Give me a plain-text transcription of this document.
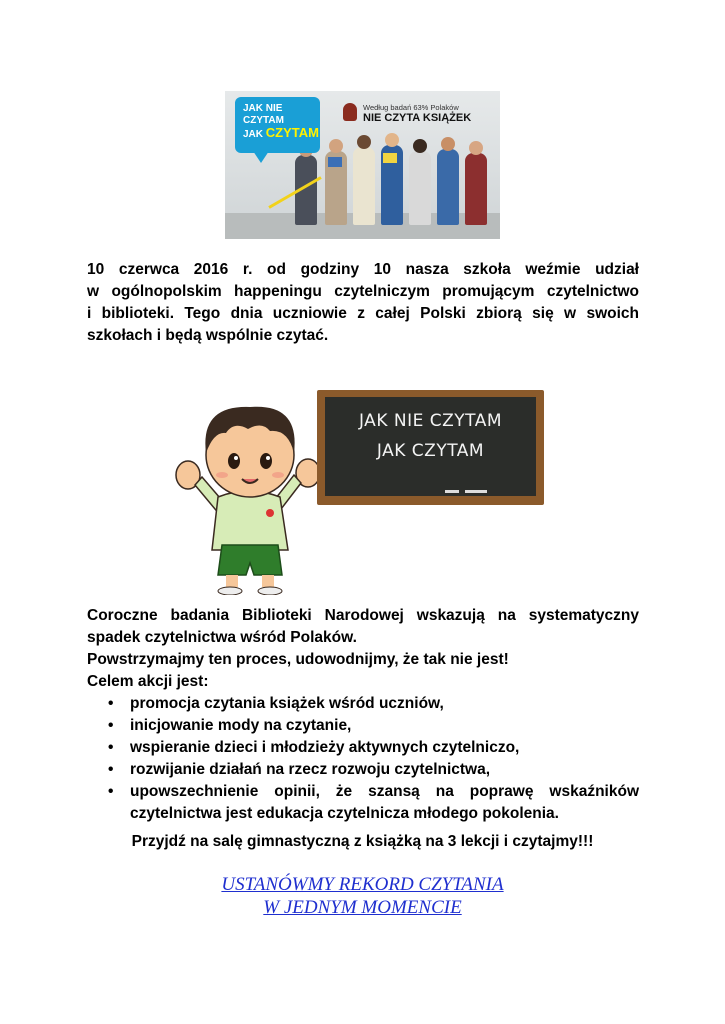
JAK NIE CZYTAM
JAK CZYTAM
Według badań 63% Polaków
NIE CZYTA KSIĄŻEK
10 czerwca 2016 r. od godziny 10 nasza szkoła weźmie udział
w ogólnopolskim happeningu czytelniczym promującym czytelnictwo
i biblioteki. Tego dnia uczniowie z całej Polski zbiorą się w swoich
szkołach i będą wspólnie czytać.
JAK NIE CZYTAM
JAK CZYTAM
Coroczne badania Biblioteki Narodowej wskazują na systematyczny
spadek czytelnictwa wśród Polaków.
Powstrzymajmy ten proces, udowodnijmy, że tak nie jest!
Celem akcji jest:
• promocja czytania książek wśród uczniów,
• inicjowanie mody na czytanie,
• wspieranie dzieci i młodzieży aktywnych czytelniczo,
• rozwijanie działań na rzecz rozwoju czytelnictwa,
• upowszechnienie opinii, że szansą na poprawę wskaźników czytelnictwa jest edukacja czytelnicza młodego pokolenia.
Przyjdź na salę gimnastyczną z książką na 3 lekcji i czytajmy!!!
USTANÓWMY REKORD CZYTANIA
W JEDNYM MOMENCIE
